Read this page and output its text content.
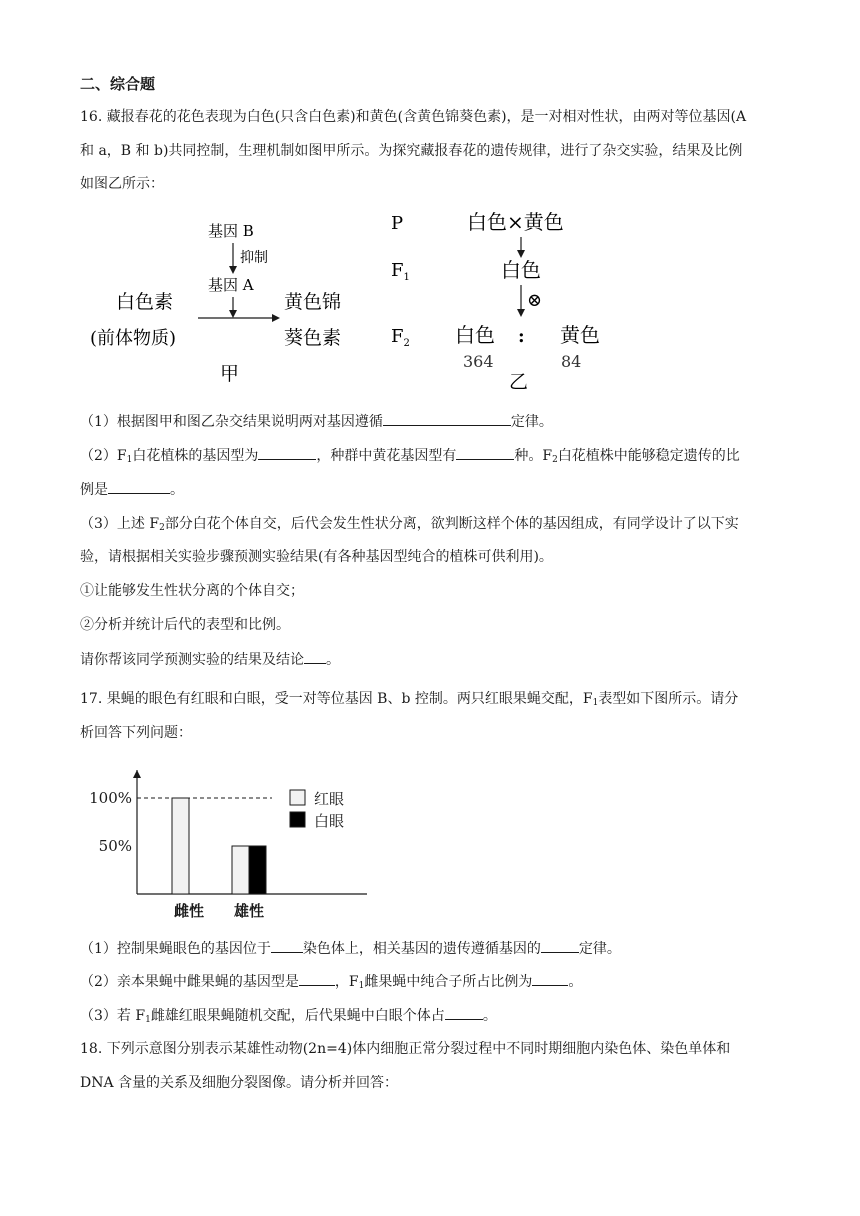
二、综合题
16. 藏报春花的花色表现为白色(只含白色素)和黄色(含黄色锦葵色素)，是一对相对性状，由两对等位基因(A
和 a，B 和 b)共同控制，生理机制如图甲所示。为探究藏报春花的遗传规律，进行了杂交实验，结果及比例
如图乙所示：
基因 B
抑制
基因 A
白色素
(前体物质)
黄色锦
葵色素
甲
P
$F_1$
$F_2$
白色×黄色
白色
⊗
白色 : 黄色
364	84
乙
（1）根据图甲和图乙杂交结果说明两对基因遵循	定律。
$(2)F_1$白花植株的基因型为	，种群中黄花基因型有	种。$F_2$白花植株中能够稳定遗传的比
例是	。
（3）上述 $F_2$部分白花个体自交，后代会发生性状分离，欲判断这样个体的基因组成，有同学设计了以下实
验，请根据相关实验步骤预测实验结果(有各种基因型纯合的植株可供利用)。
①让能够发生性状分离的个体自交；
②分析并统计后代的表型和比例。
请你帮该同学预测实验的结果及结论 。
17. 果蝇的眼色有红眼和白眼，受一对等位基因 B、b 控制。两只红眼果蝇交配，$F_1$表型如下图所示。请分
析回答下列问题：
100%
50%
雌性 雄性
红眼
白眼
（1）控制果蝇眼色的基因位于 染色体上，相关基因的遗传遵循基因的	定律。
（2）亲本果蝇中雌果蝇的基因型是	，$F_1$雌果蝇中纯合子所占比例为	。
（3）若 $F_1$雌雄红眼果蝇随机交配，后代果蝇中白眼个体占	。
18. 下列示意图分别表示某雄性动物(2n=4)体内细胞正常分裂过程中不同时期细胞内染色体、染色单体和
DNA 含量的关系及细胞分裂图像。请分析并回答：
